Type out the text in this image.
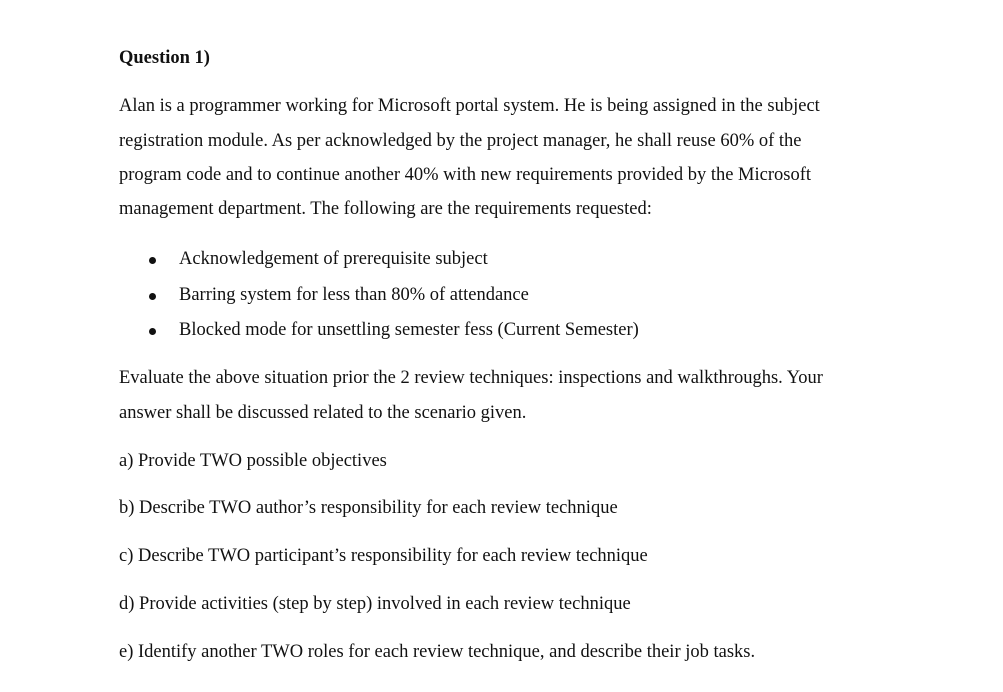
Question 1)
Alan is a programmer working for Microsoft portal system. He is being assigned in the subject
registration module. As per acknowledged by the project manager, he shall reuse 60% of the
program code and to continue another 40% with new requirements provided by the Microsoft
management department. The following are the requirements requested:
Acknowledgement of prerequisite subject
Barring system for less than 80% of attendance
Blocked mode for unsettling semester fess (Current Semester)
Evaluate the above situation prior the 2 review techniques: inspections and walkthroughs. Your
answer shall be discussed related to the scenario given.
a) Provide TWO possible objectives
b) Describe TWO author’s responsibility for each review technique
c) Describe TWO participant’s responsibility for each review technique
d) Provide activities (step by step) involved in each review technique
e) Identify another TWO roles for each review technique, and describe their job tasks.
